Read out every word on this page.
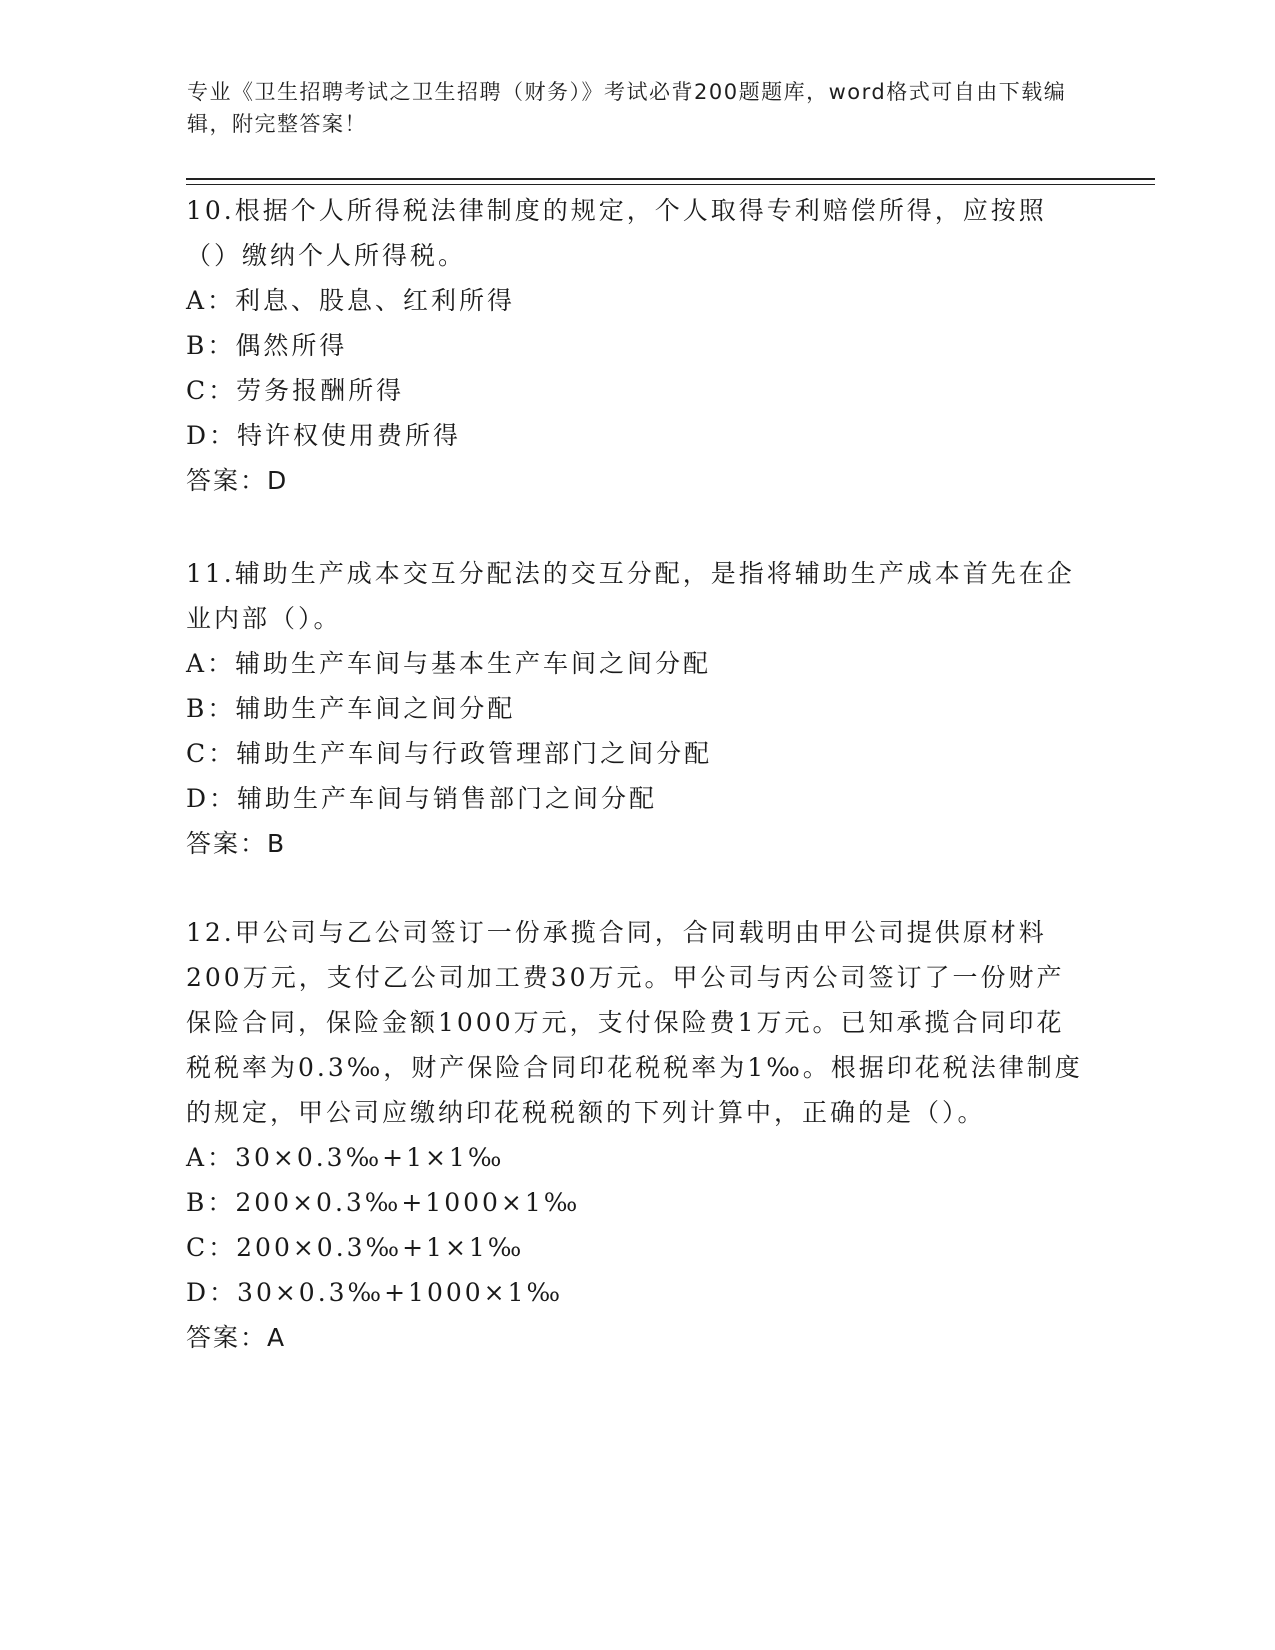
专业《卫生招聘考试之卫生招聘（财务）》考试必背200题题库，word格式可自由下载编辑，附完整答案！

10.根据个人所得税法律制度的规定，个人取得专利赔偿所得，应按照（）缴纳个人所得税。

A：利息、股息、红利所得

B：偶然所得

C：劳务报酬所得

D：特许权使用费所得

答案：D

11.辅助生产成本交互分配法的交互分配，是指将辅助生产成本首先在企业内部（）。

A：辅助生产车间与基本生产车间之间分配

B：辅助生产车间之间分配

C：辅助生产车间与行政管理部门之间分配

D：辅助生产车间与销售部门之间分配

答案：B

12.甲公司与乙公司签订一份承揽合同，合同载明由甲公司提供原材料200万元，支付乙公司加工费30万元。甲公司与丙公司签订了一份财产保险合同，保险金额1000万元，支付保险费1万元。已知承揽合同印花税税率为0.3‰，财产保险合同印花税税率为1‰。根据印花税法律制度的规定，甲公司应缴纳印花税税额的下列计算中，正确的是（）。

A：30×0.3‰+1×1‰

B：200×0.3‰+1000×1‰

C：200×0.3‰+1×1‰

D：30×0.3‰+1000×1‰

答案：A
